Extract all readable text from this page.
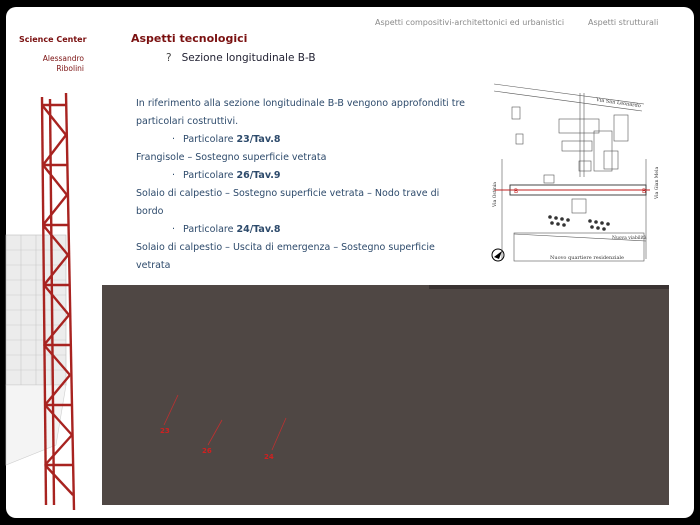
Aspetti compositivi-architettonici ed urbanistici	Aspetti strutturali
Science Center
Alessandro
Ribolini
Aspetti tecnologici
? Sezione longitudinale B-B

In riferimento alla sezione longitudinale B-B vengono approfonditi tre particolari costruttivi.

· Particolare 23/Tav.8

Frangisole – Sostegno superficie vetrata

· Particolare 26/Tav.9

Solaio di calpestio – Sostegno superficie vetrata – Nodo trave di bordo

· Particolare 24/Tav.8

Solaio di calpestio – Uscita di emergenza – Sostegno superficie vetrata

Via San Leonardo
Via Ostinia	Via Gian Mela
Nuova viabilità
Nuovo quartiere residenziale
B	B
23
26
24
